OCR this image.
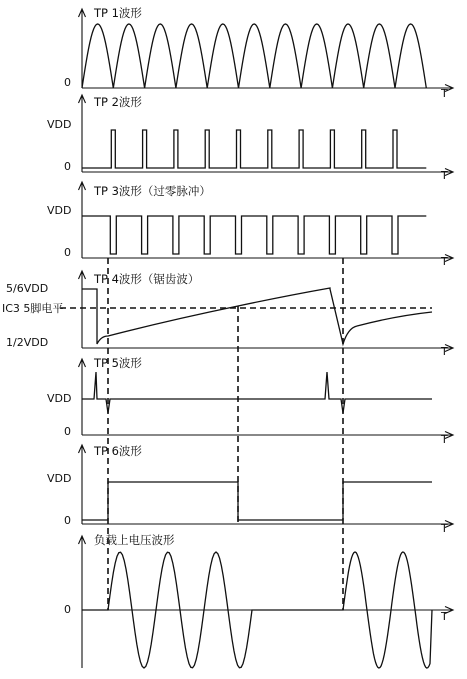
TP 1波形
0
T
TP 2波形
VDD
0
T
TP 3波形（过零脉冲）
VDD
0
T
TP 4波形（锯齿波）
5/6VDD
IC3 5脚电平
1/2VDD
T
TP 5波形
VDD
0
T
TP 6波形
VDD
0
T
负载上电压波形
0
T
